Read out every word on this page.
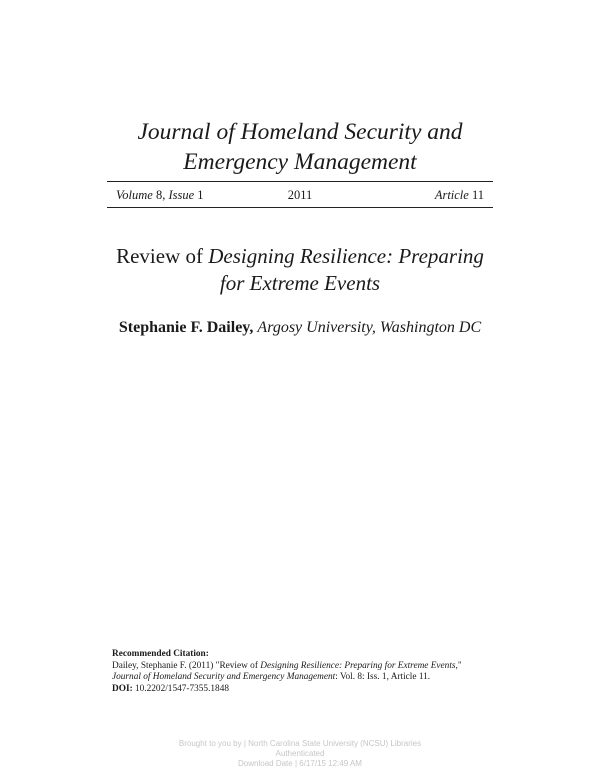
Journal of Homeland Security and
Emergency Management
Volume 8, Issue 1	2011	Article 11
Review of Designing Resilience: Preparing
for Extreme Events
Stephanie F. Dailey, Argosy University, Washington DC
Recommended Citation:
Dailey, Stephanie F. (2011) "Review of Designing Resilience: Preparing for Extreme Events,"
Journal of Homeland Security and Emergency Management: Vol. 8: Iss. 1, Article 11.
DOI: 10.2202/1547-7355.1848
Brought to you by | North Carolina State University (NCSU) Libraries
Authenticated
Download Date | 6/17/15 12:49 AM
